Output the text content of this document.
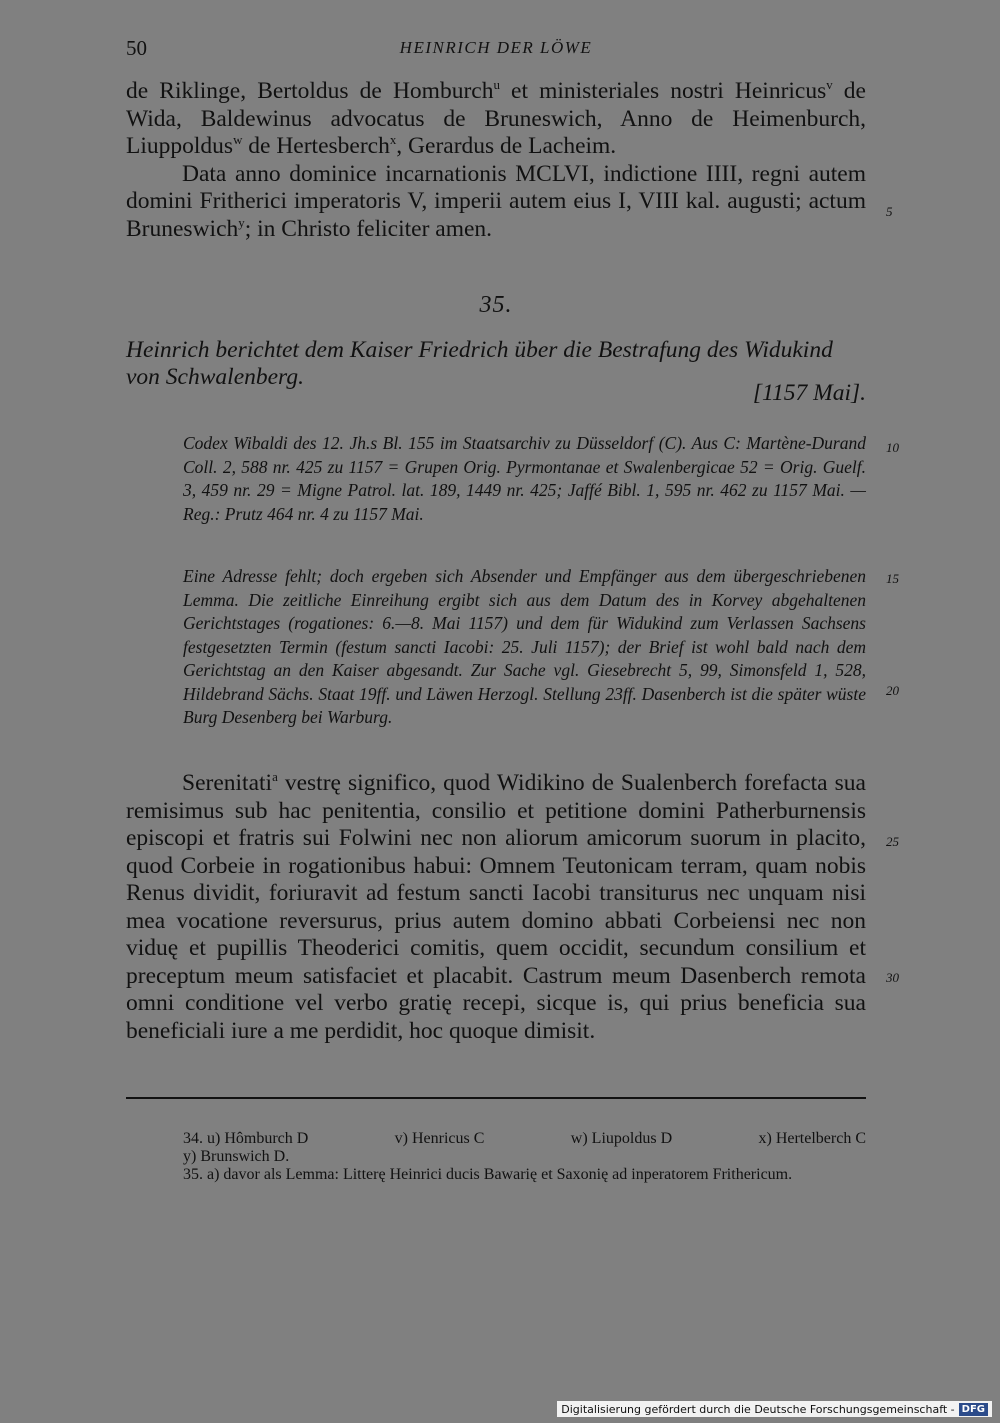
50	HEINRICH DER LÖWE

de Riklinge, Bertoldus de Homburch$^u$ et ministeriales nostri Heinricus$^v$ de Wida, Baldewinus advocatus de Bruneswich, Anno de Heimenburch, Liuppoldus$^w$ de Hertesberch$^x$, Gerardus de Lacheim.

Data anno dominice incarnationis MCLVI, indictione IIII, regni autem domini Fritherici imperatoris V, imperii autem eius I, VIII kal. augusti; actum Bruneswich$^y$; in Christo feliciter amen.

35.
Heinrich berichtet dem Kaiser Friedrich über die Bestrafung des Widukind von Schwalenberg.
[1157 Mai].

Codex Wibaldi des 12. Jh.s Bl. 155 im Staatsarchiv zu Düsseldorf (C). Aus C: Martène-Durand Coll. 2, 588 nr. 425 zu 1157 = Grupen Orig. Pyrmontanae et Swalenbergicae 52 = Orig. Guelf. 3, 459 nr. 29 = Migne Patrol. lat. 189, 1449 nr. 425; Jaffé Bibl. 1, 595 nr. 462 zu 1157 Mai. — Reg.: Prutz 464 nr. 4 zu 1157 Mai.

Eine Adresse fehlt; doch ergeben sich Absender und Empfänger aus dem übergeschriebenen Lemma. Die zeitliche Einreihung ergibt sich aus dem Datum des in Korvey abgehaltenen Gerichtstages (rogationes: 6.—8. Mai 1157) und dem für Widukind zum Verlassen Sachsens festgesetzten Termin (festum sancti Iacobi: 25. Juli 1157); der Brief ist wohl bald nach dem Gerichtstag an den Kaiser abgesandt. Zur Sache vgl. Giesebrecht 5, 99, Simonsfeld 1, 528, Hildebrand Sächs. Staat 19ff. und Läwen Herzogl. Stellung 23ff. Dasenberch ist die später wüste Burg Desenberg bei Warburg.

Serenitati$^a$ vestrę significo, quod Widikino de Sualenberch forefacta sua remisimus sub hac penitentia, consilio et petitione domini Patherburnensis episcopi et fratris sui Folwini nec non aliorum amicorum suorum in placito, quod Corbeie in rogationibus habui: Omnem Teutonicam terram, quam nobis Renus dividit, foriuravit ad festum sancti Iacobi transiturus nec unquam nisi mea vocatione reversurus, prius autem domino abbati Corbeiensi nec non viduę et pupillis Theoderici comitis, quem occidit, secundum consilium et preceptum meum satisfaciet et placabit. Castrum meum Dasenberch remota omni conditione vel verbo gratię recepi, sicque is, qui prius beneficia sua beneficiali iure a me perdidit, hoc quoque dimisit.

5
10
15
20
25
30
34. u) Hômburch D	v) Henricus C	w) Liupoldus D	x) Hertelberch C

y) Brunswich D.

35. a) davor als Lemma: Litterę Heinrici ducis Bawarię et Saxonię ad inperatorem Frithericum.

Digitalisierung gefördert durch die Deutsche Forschungsgemeinschaft - DFG
